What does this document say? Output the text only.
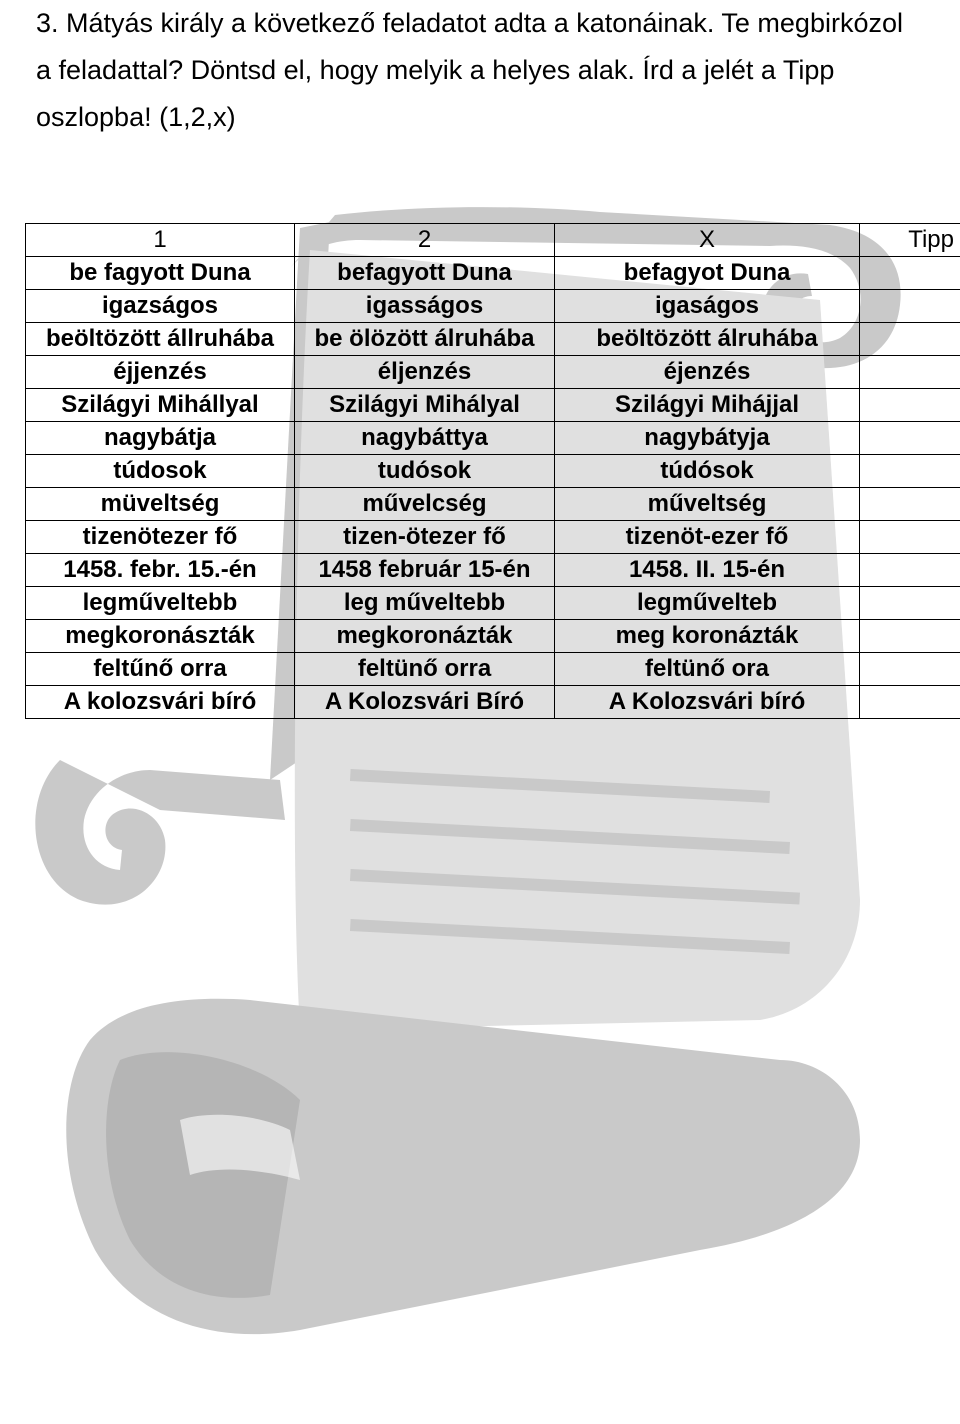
3. Mátyás király a következő feladatot adta a katonáinak. Te megbirkózol
a feladattal? Döntsd el, hogy melyik a helyes alak. Írd a jelét a Tipp
oszlopba! (1,2,x)

1	2	X	Tipp
be fagyott Duna	befagyott Duna	befagyot Duna	
igazságos	igasságos	igaságos	
beöltözött állruhába	be ölözött álruhába	beöltözött álruhába	
éjjenzés	éljenzés	éjenzés	
Szilágyi Mihállyal	Szilágyi Mihályal	Szilágyi Mihájjal	
nagybátja	nagybáttya	nagybátyja	
túdosok	tudósok	túdósok	
müveltség	művelcség	műveltség	
tizenötezer fő	tizen-ötezer fő	tizenöt-ezer fő	
1458. febr. 15.-én	1458 február 15-én	1458. II. 15-én	
legműveltebb	leg műveltebb	legművelteb	
megkoronászták	megkoronázták	meg koronázták	
feltűnő orra	feltünő orra	feltünő ora	
A kolozsvári bíró	A Kolozsvári Bíró	A Kolozsvári bíró	
